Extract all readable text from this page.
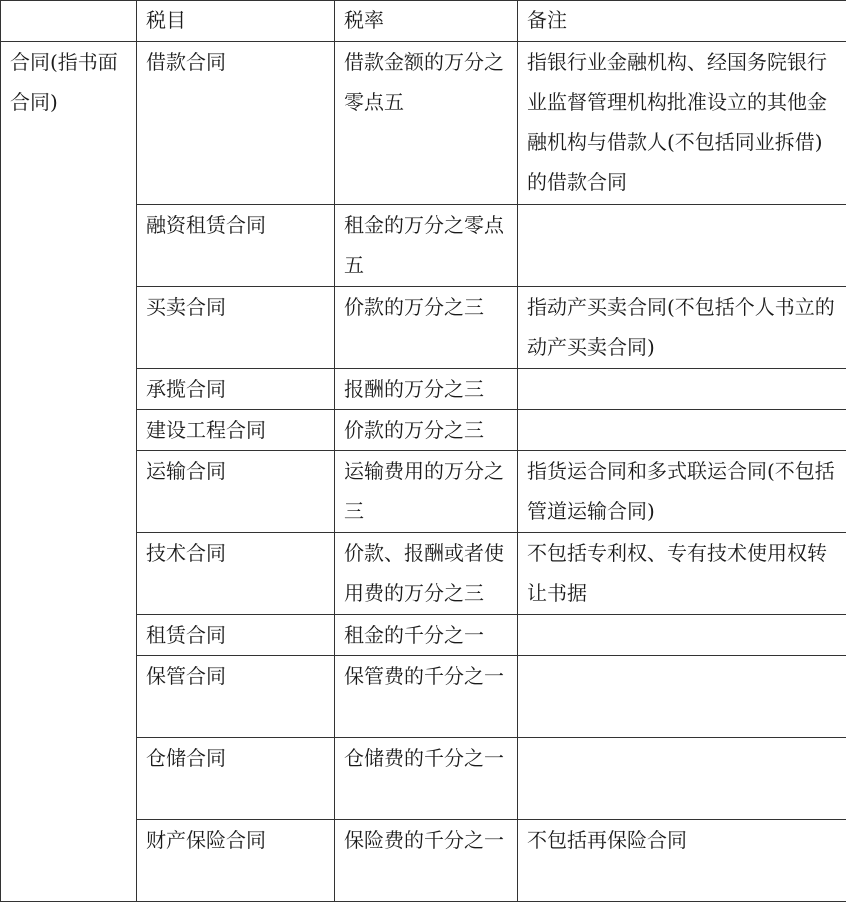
	税目	税率	备注
合同(指书面合同)	借款合同	借款金额的万分之零点五	指银行业金融机构、经国务院银行业监督管理机构批准设立的其他金融机构与借款人(不包括同业拆借)的借款合同
	融资租赁合同	租金的万分之零点五	
	买卖合同	价款的万分之三	指动产买卖合同(不包括个人书立的动产买卖合同)
	承揽合同	报酬的万分之三	
	建设工程合同	价款的万分之三	
	运输合同	运输费用的万分之三	指货运合同和多式联运合同(不包括管道运输合同)
	技术合同	价款、报酬或者使用费的万分之三	不包括专利权、专有技术使用权转让书据
	租赁合同	租金的千分之一	
	保管合同	保管费的千分之一	
	仓储合同	仓储费的千分之一	
	财产保险合同	保险费的千分之一	不包括再保险合同
